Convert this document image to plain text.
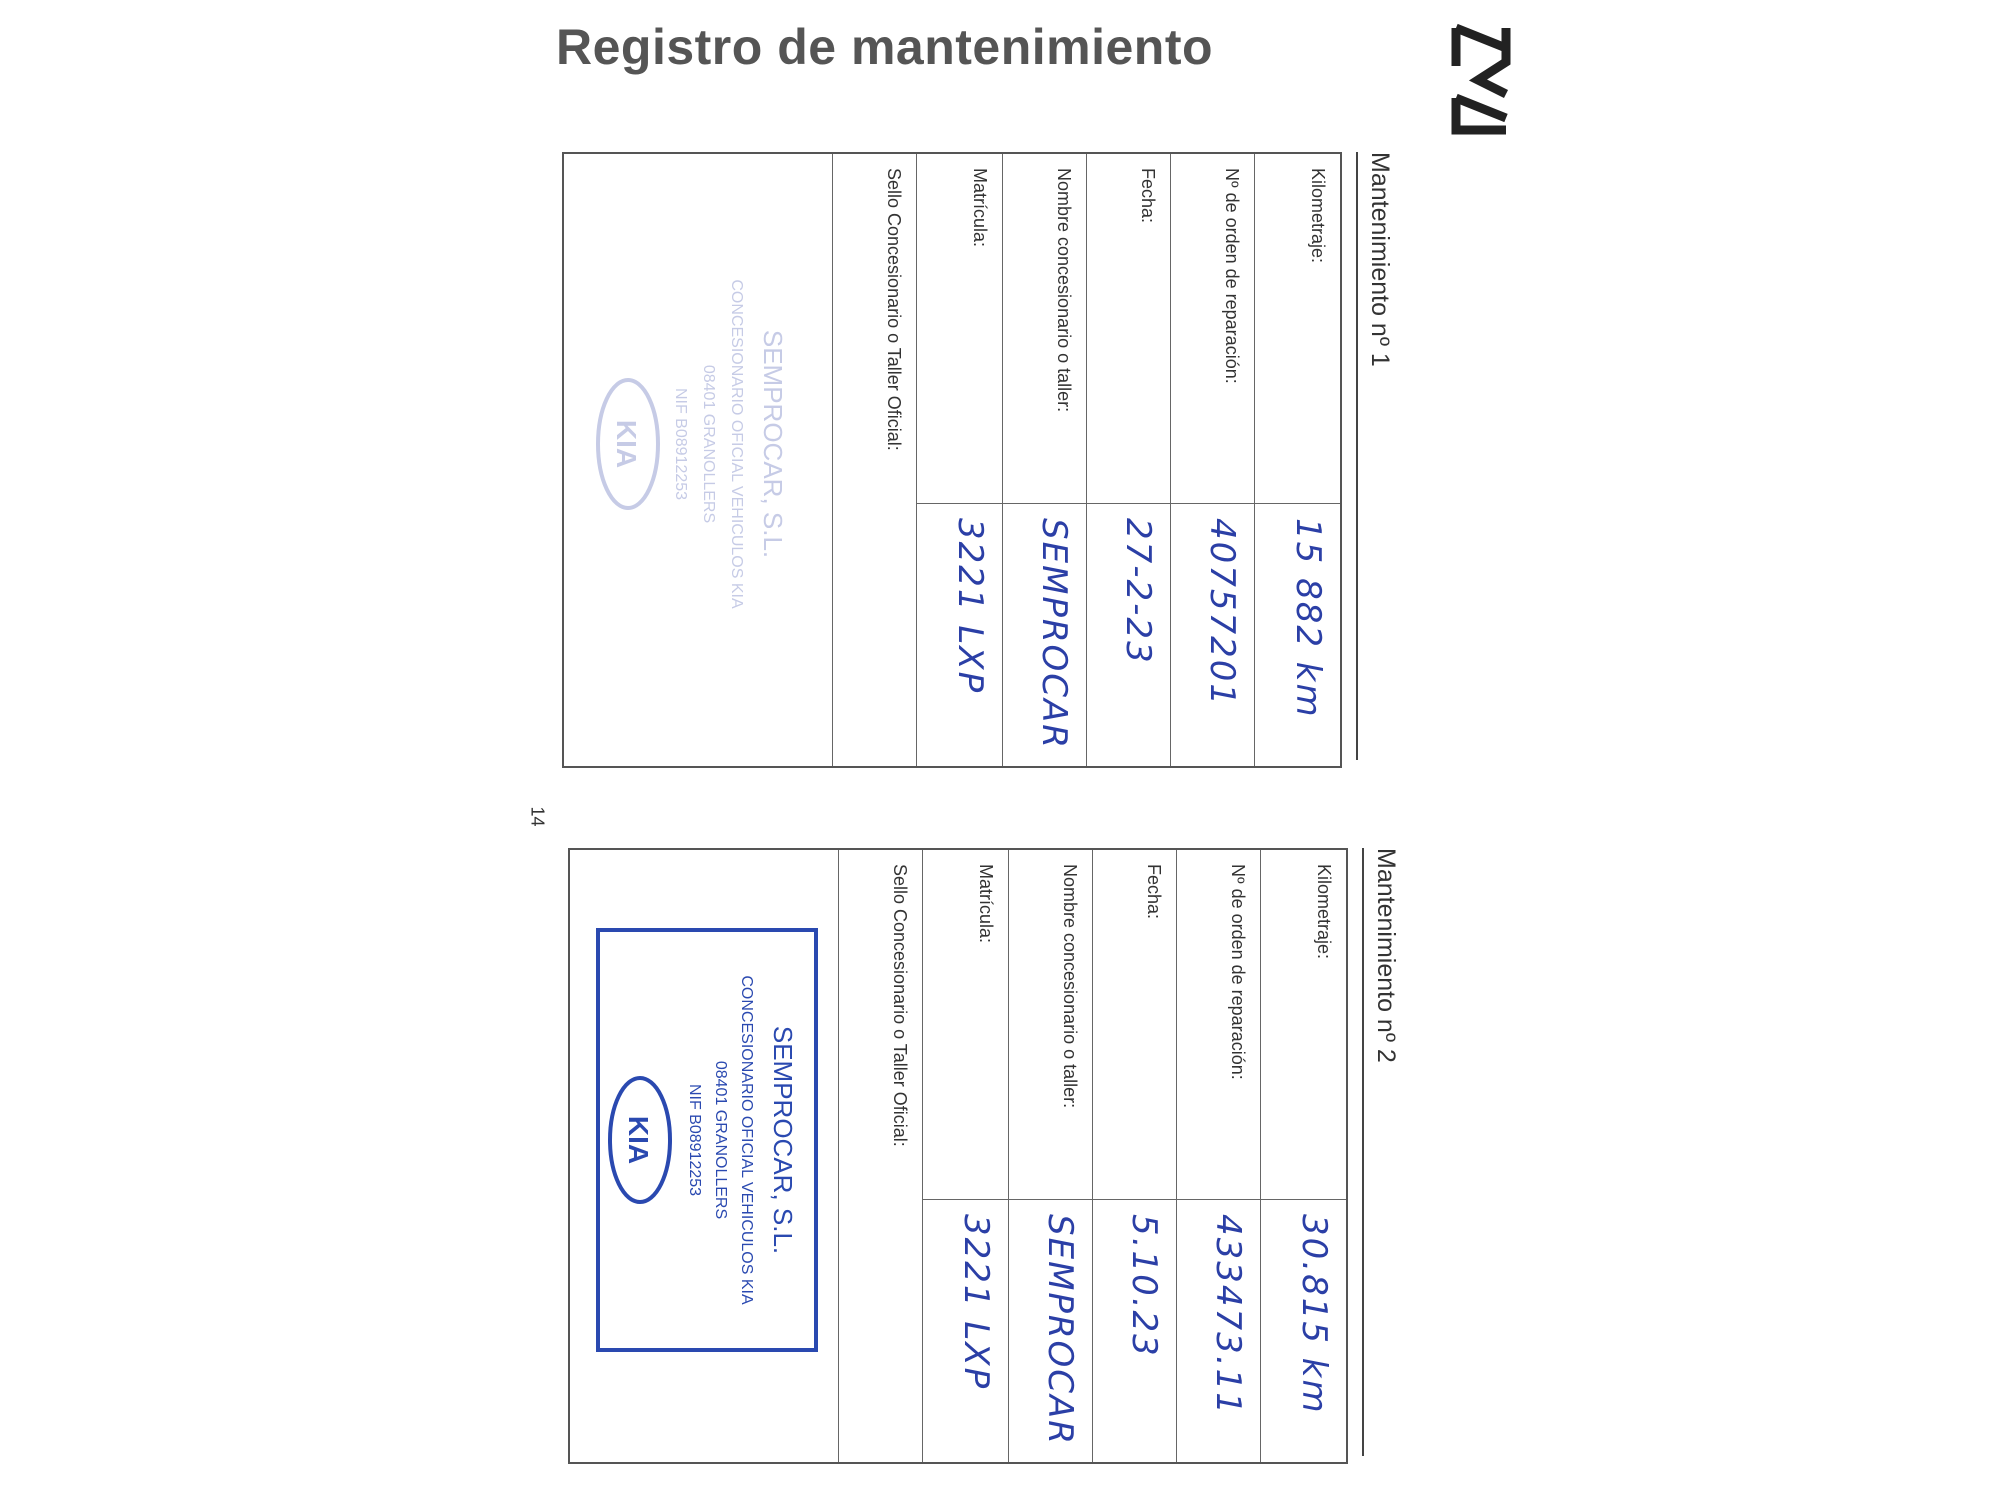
Registro de mantenimiento
14
Mantenimiento nº 1
Kilometraje:
15 882 km
Nº de orden de reparación:
40757201
Fecha:
27-2-23
Nombre concesionario o taller:
SEMPROCAR
Matrícula:
3221 LXP
Sello Concesionario o Taller Oficial:
SEMPROCAR, S.L.
CONCESIONARIO OFICIAL VEHICULOS KIA
08401 GRANOLLERS
NIF B08912253
KIA
Mantenimiento nº 2
Kilometraje:
30.815 km
Nº de orden de reparación:
433473.11
Fecha:
5.10.23
Nombre concesionario o taller:
SEMPROCAR
Matrícula:
3221 LXP
Sello Concesionario o Taller Oficial:
SEMPROCAR, S.L.
CONCESIONARIO OFICIAL VEHICULOS KIA
08401 GRANOLLERS
NIF B08912253
KIA
